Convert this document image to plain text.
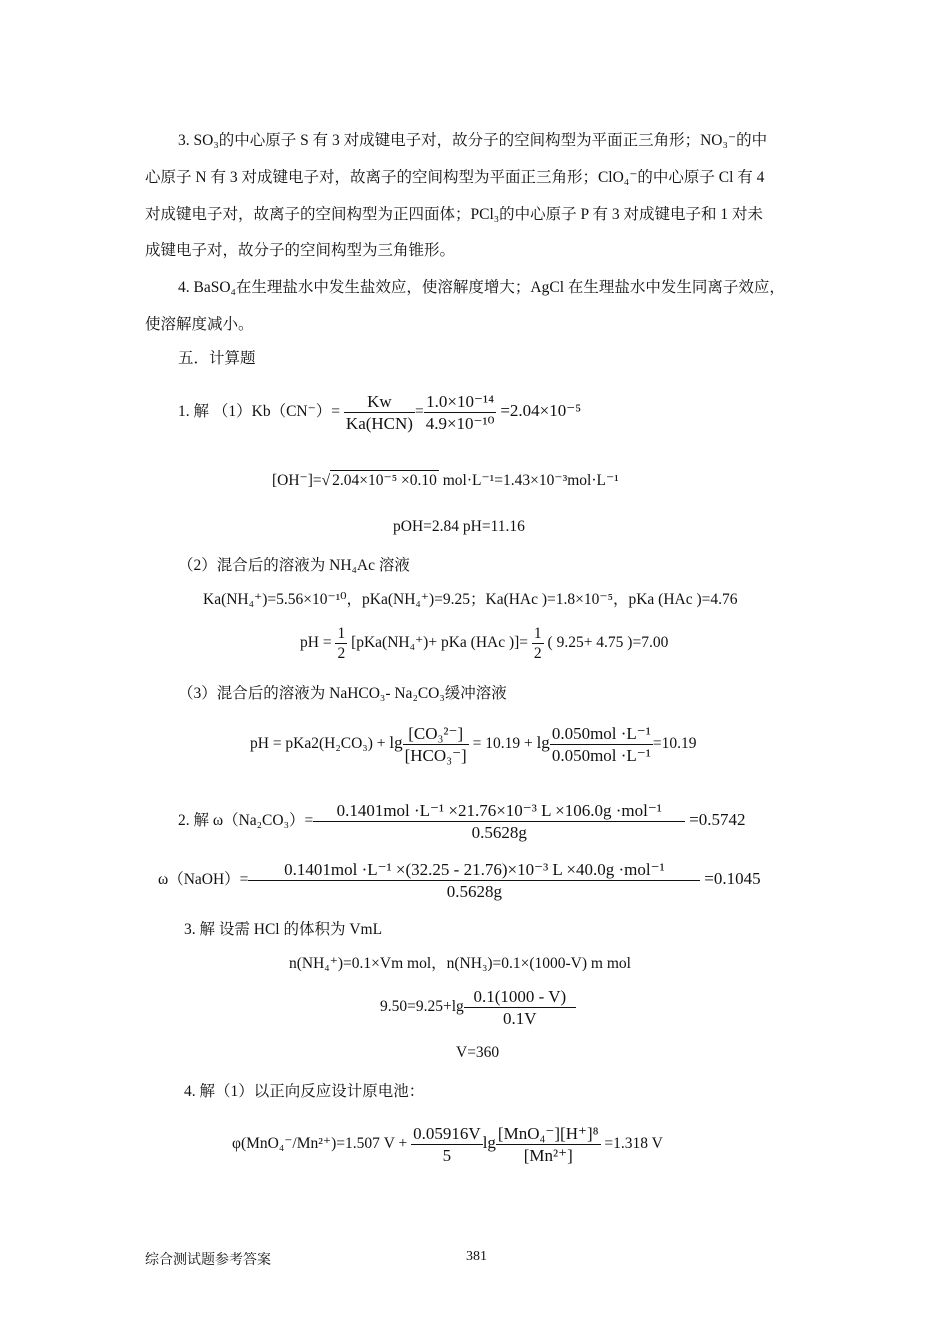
3. SO₃的中心原子 S 有 3 对成键电子对，故分子的空间构型为平面正三角形；NO₃⁻的中
心原子 N 有 3 对成键电子对，故离子的空间构型为平面正三角形；ClO₄⁻的中心原子 Cl 有 4
对成键电子对，故离子的空间构型为正四面体；PCl₃的中心原子 P 有 3 对成键电子和 1 对未
成键电子对，故分子的空间构型为三角锥形。
4. BaSO₄在生理盐水中发生盐效应，使溶解度增大；AgCl 在生理盐水中发生同离子效应，
使溶解度减小。
五．计算题
1. 解 $(1)Kb(CN^-)= \frac{Kw}{\text{Ka(HCN)}} = \frac{\text{1.0×10⁻¹⁴}}{\text{4.9×10⁻¹⁰}} =2.04\times 10^{-5}$
[OH⁻]=√ 2.04×10⁻⁵ ×0.10 mol·L⁻¹=1.43×10⁻³mol·L⁻¹
pOH=2.84 pH=11.16
（2）混合后的溶液为 NH₄Ac 溶液
Ka(NH₄⁺)=5.56×10⁻¹⁰，pKa(NH₄⁺)=9.25；Ka(HAc )=1.8×10⁻⁵，pKa (HAc )=4.76
pH = $\frac{1}{2} [pKa(NH_4^+)+$ pKa (HAc )]= $\frac{1}{2}$ ( 9.25+ 4.75 )=7.00
（3）混合后的溶液为 NaHCO₃- Na₂CO₃缓冲溶液
pH = $pKa2(H_2CO_3) + \lg \frac{\text{[CO₃²⁻]}}{\text{[HCO₃⁻]}} = 10.19 + \lg \frac{\text{0.050mol ·L⁻¹}}{\text{0.050mol ·L⁻¹}} =10.19$
2. 解 $\omega(Na_2CO_3)= \frac{\text{0.1401mol ·L⁻¹ ×21.76×10⁻³ L ×106.0g ·mol⁻¹}}{0.5628g} =0.5742$
ω（NaOH）= $\frac{\text{0.1401mol ·L⁻¹ ×(32.25 - 21.76)×10⁻³ L ×40.0g ·mol⁻¹}}{0.5628g} =0.1045$
3. 解 设需 HCl 的体积为 VmL
n(NH₄⁺)=0.1×Vm mol，n(NH₃)=0.1×(1000-V) m mol
$9.50=9.25+\lg \frac{0.1(1000 - V)}{0.1V}$
V=360
4. 解（1）以正向反应设计原电池：
φ(MnO₄⁻/Mn²⁺)=1.507 $V + \frac{0.05916V}{5}$ $\lg \frac{\text{[MnO₄⁻][H⁺]⁸}}{\text{[Mn²⁺]}} =1.318$ V
综合测试题参考答案	381
